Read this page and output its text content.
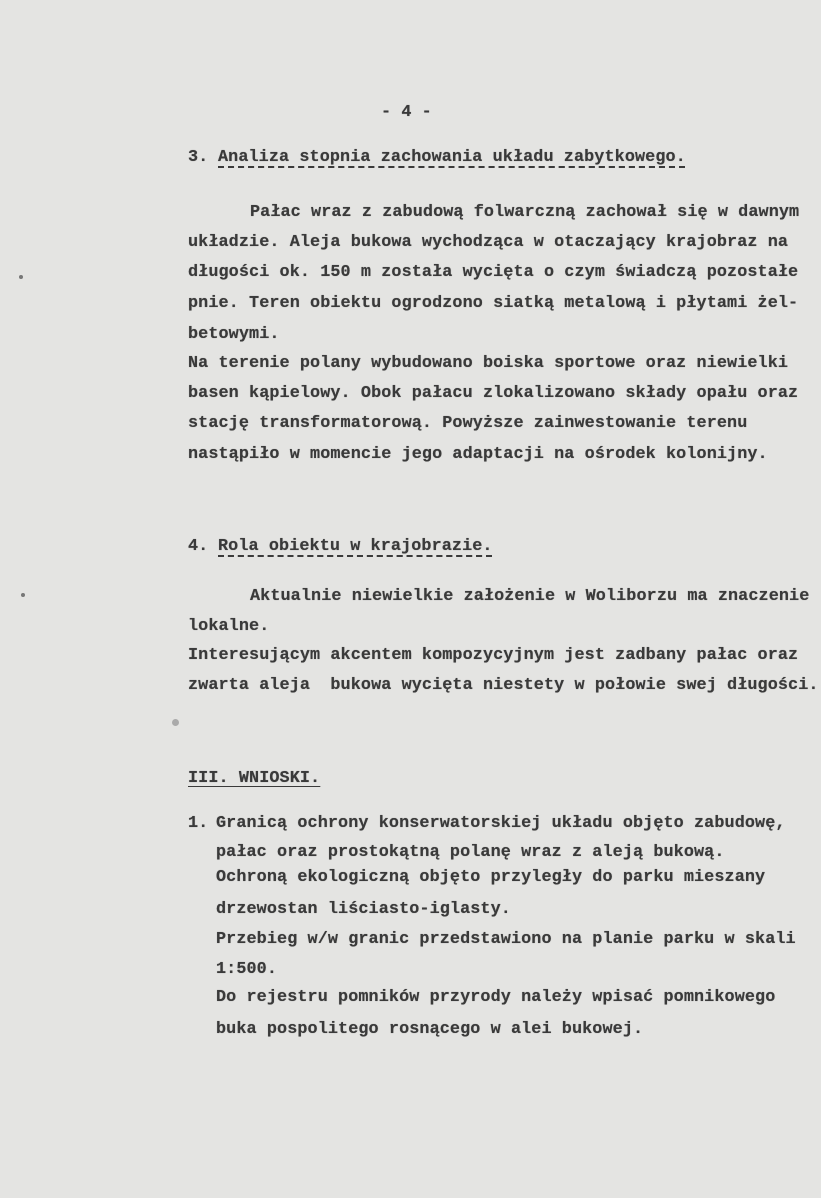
- 4 -
3. Analiza stopnia zachowania układu zabytkowego.
Pałac wraz z zabudową folwarczną zachował się w dawnym
układzie. Aleja bukowa wychodząca w otaczający krajobraz na
długości ok. 150 m została wycięta o czym świadczą pozostałe
pnie. Teren obiektu ogrodzono siatką metalową i płytami żel-
betowymi.
Na terenie polany wybudowano boiska sportowe oraz niewielki
basen kąpielowy. Obok pałacu zlokalizowano składy opału oraz
stację transformatorową. Powyższe zainwestowanie terenu
nastąpiło w momencie jego adaptacji na ośrodek kolonijny.
4. Rola obiektu w krajobrazie.
Aktualnie niewielkie założenie w Woliborzu ma znaczenie
lokalne.
Interesującym akcentem kompozycyjnym jest zadbany pałac oraz
zwarta aleja  bukowa wycięta niestety w połowie swej długości.
III. WNIOSKI.
1. Granicą ochrony konserwatorskiej układu objęto zabudowę,
pałac oraz prostokątną polanę wraz z aleją bukową.
Ochroną ekologiczną objęto przyległy do parku mieszany
drzewostan liściasto-iglasty.
Przebieg w/w granic przedstawiono na planie parku w skali
1:500.
Do rejestru pomników przyrody należy wpisać pomnikowego
buka pospolitego rosnącego w alei bukowej.
